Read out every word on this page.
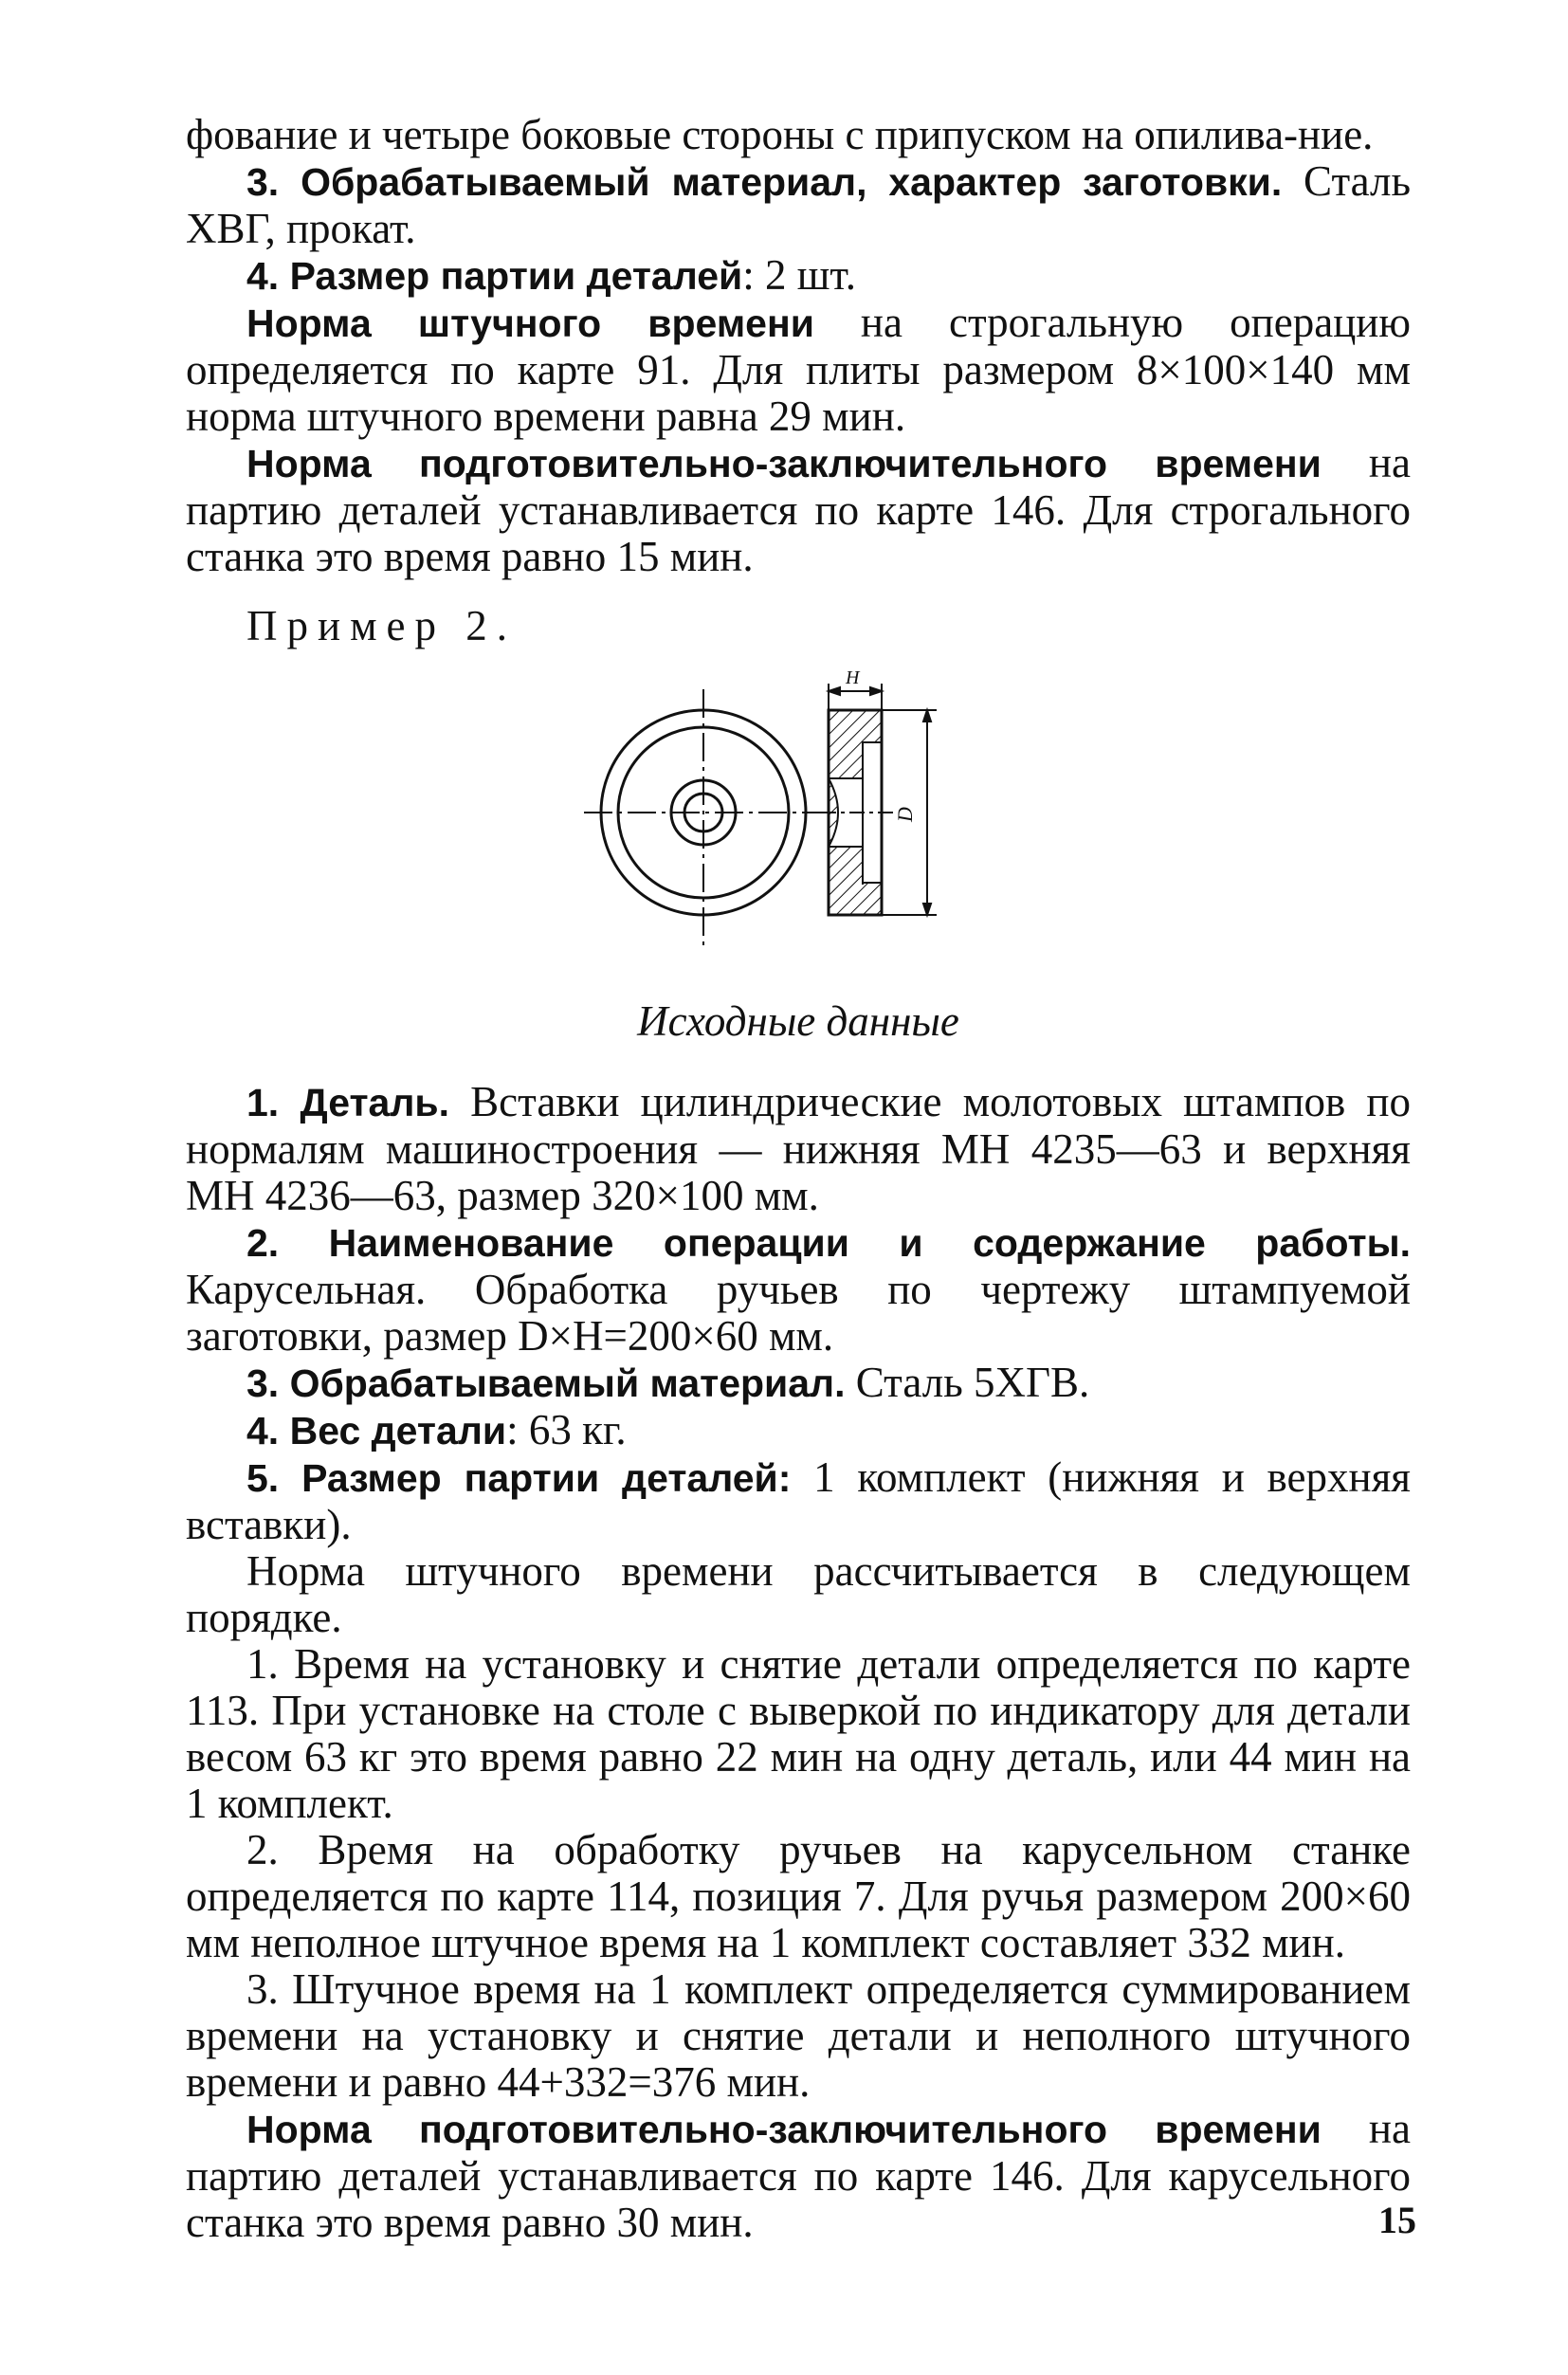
фование и четыре боковые стороны с припуском на опилива-ние.

3. Обрабатываемый материал, характер заготовки. Сталь ХВГ, прокат.

4. Размер партии деталей: 2 шт.

Норма штучного времени на строгальную операцию определяется по карте 91. Для плиты размером 8×100×140 мм норма штучного времени равна 29 мин.

Норма подготовительно-заключительного времени на партию деталей устанавливается по карте 146. Для строгального станка это время равно 15 мин.

Пример 2.

H
D

Исходные данные

1. Деталь. Вставки цилиндрические молотовых штампов по нормалям машиностроения — нижняя МН 4235—63 и верхняя МН 4236—63, размер 320×100 мм.

2. Наименование операции и содержание работы. Карусельная. Обработка ручьев по чертежу штампуемой заготовки, размер D×H=200×60 мм.

3. Обрабатываемый материал. Сталь 5ХГВ.

4. Вес детали: 63 кг.

5. Размер партии деталей: 1 комплект (нижняя и верхняя вставки).

Норма штучного времени рассчитывается в следующем порядке.

1. Время на установку и снятие детали определяется по карте 113. При установке на столе с выверкой по индикатору для детали весом 63 кг это время равно 22 мин на одну деталь, или 44 мин на 1 комплект.

2. Время на обработку ручьев на карусельном станке определяется по карте 114, позиция 7. Для ручья размером 200×60 мм неполное штучное время на 1 комплект составляет 332 мин.

3. Штучное время на 1 комплект определяется суммированием времени на установку и снятие детали и неполного штучного времени и равно 44+332=376 мин.

Норма подготовительно-заключительного времени на партию деталей устанавливается по карте 146. Для карусельного станка это время равно 30 мин.	15
